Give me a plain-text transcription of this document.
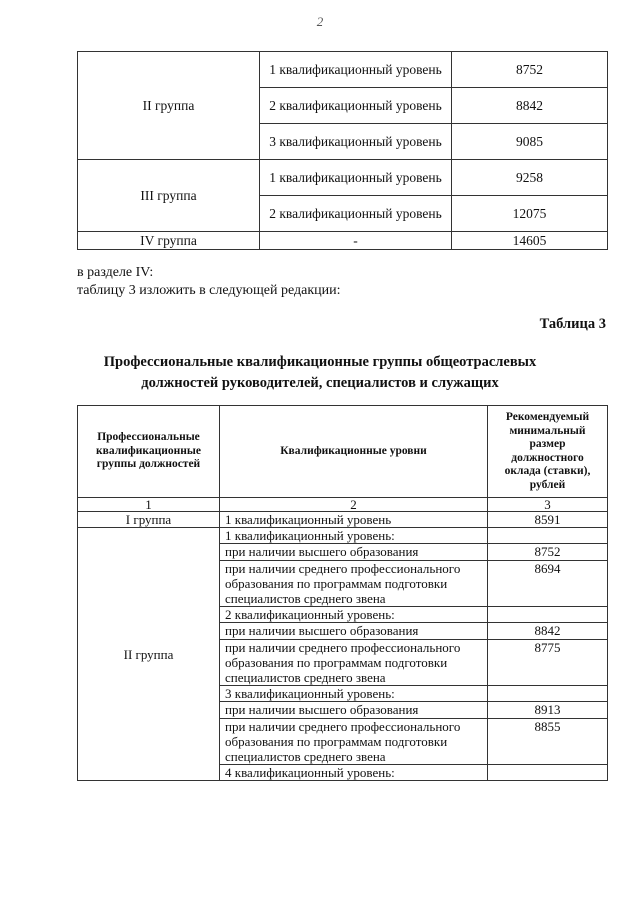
2
II группа	1 квалификационный уровень	8752
	2 квалификационный уровень	8842
	3 квалификационный уровень	9085
III группа	1 квалификационный уровень	9258
	2 квалификационный уровень	12075
IV группа	-	14605
в разделе IV:
таблицу 3 изложить в следующей редакции:
Таблица 3
Профессиональные квалификационные группы общеотраслевых
должностей руководителей, специалистов и служащих
Профессиональные квалификационные группы должностей	Квалификационные уровни	Рекомендуемый минимальный размер должностного оклада (ставки), рублей
1	2	3
I группа	1 квалификационный уровень	8591
II группа	1 квалификационный уровень:	
	при наличии высшего образования	8752
	при наличии среднего профессионального образования по программам подготовки специалистов среднего звена	8694
	2 квалификационный уровень:	
	при наличии высшего образования	8842
	при наличии среднего профессионального образования по программам подготовки специалистов среднего звена	8775
	3 квалификационный уровень:	
	при наличии высшего образования	8913
	при наличии среднего профессионального образования по программам подготовки специалистов среднего звена	8855
	4 квалификационный уровень:	
